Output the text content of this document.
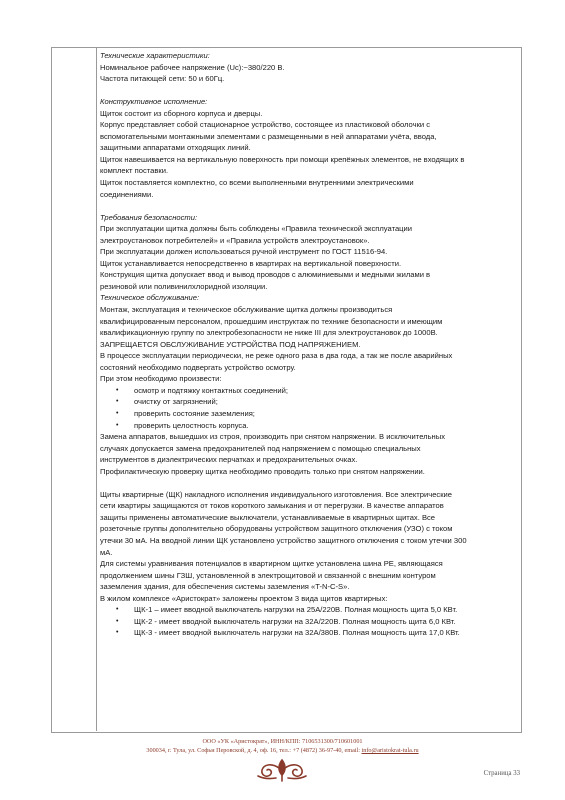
Технические характеристики:

Номинальное рабочее напряжение (Uc):~380/220 В.

Частота питающей сети: 50 и 60Гц.

Конструктивное исполнение:

Щиток состоит из сборного корпуса и дверцы.

Корпус представляет собой стационарное устройство, состоящее из пластиковой оболочки с

вспомогательными монтажными элементами с размещенными в ней аппаратами учёта, ввода,

защитными аппаратами отходящих линий.

Щиток навешивается на вертикальную поверхность при помощи крепёжных элементов, не входящих в

комплект поставки.

Щиток поставляется комплектно, со всеми выполненными внутренними электрическими

соединениями.

Требования безопасности:

При эксплуатации щитка должны быть соблюдены «Правила технической эксплуатации

электроустановок потребителей» и «Правила устройств электроустановок».

При эксплуатации должен использоваться ручной инструмент по ГОСТ 11516-94.

Щиток устанавливается непосредственно в квартирах на вертикальной поверхности.

Конструкция щитка допускает ввод и вывод проводов с алюминиевыми и медными жилами в

резиновой или поливинилхлоридной изоляции.

Техническое обслуживание:

Монтаж, эксплуатация и техническое обслуживание щитка должны производиться

квалифицированным персоналом, прошедшим инструктаж по технике безопасности и имеющим

квалификационную группу по электробезопасности не ниже III для электроустановок до 1000В.

ЗАПРЕЩАЕТСЯ ОБСЛУЖИВАНИЕ УСТРОЙСТВА ПОД НАПРЯЖЕНИЕМ.

В процессе эксплуатации периодически, не реже одного раза в два года, а так же после аварийных

состояний необходимо подвергать устройство осмотру.

При этом необходимо произвести:

• осмотр и подтяжку контактных соединений;
• очистку от загрязнений;
• проверить состояние заземления;
• проверить целостность корпуса.

Замена аппаратов, вышедших из строя, производить при снятом напряжении. В исключительных

случаях допускается замена предохранителей под напряжением с помощью специальных

инструментов в диэлектрических перчатках и предохранительных очках.

Профилактическую проверку щитка необходимо проводить только при снятом напряжении.

Щиты квартирные (ЩК) накладного исполнения индивидуального изготовления. Все электрические

сети квартиры защищаются от токов короткого замыкания и от перегрузки. В качестве аппаратов

защиты применены автоматические выключатели, устанавливаемые в квартирных щитах. Все

розеточные группы дополнительно оборудованы устройством защитного отключения (УЗО) с током

утечки 30 мА. На вводной линии ЩК установлено устройство защитного отключения с током утечки 300

мА.

Для системы уравнивания потенциалов в квартирном щитке установлена шина PE, являющаяся

продолжением шины ГЗШ, установленной в электрощитовой и связанной с внешним контуром

заземления здания, для обеспечения системы заземления «T-N-C-S».

В жилом комплексе «Аристократ» заложены проектом 3 вида щитов квартирных:

• ЩК-1 – имеет вводной выключатель нагрузки на 25А/220В. Полная мощность щита 5,0 КВт.
• ЩК-2 - имеет вводной выключатель нагрузки на 32А/220В. Полная мощность щита 6,0 КВт.
• ЩК-3 - имеет вводной выключатель нагрузки на 32А/380В. Полная мощность щита 17,0 КВт.
ООО «УК «Аристократ», ИНН/КПП: 7106531300/710601001
300034, г. Тула, ул. Софьи Перовской, д. 4, оф. 16, тел.: +7 (4872) 36-97-40, email: info@aristokrat-tula.ru
Страница 33
